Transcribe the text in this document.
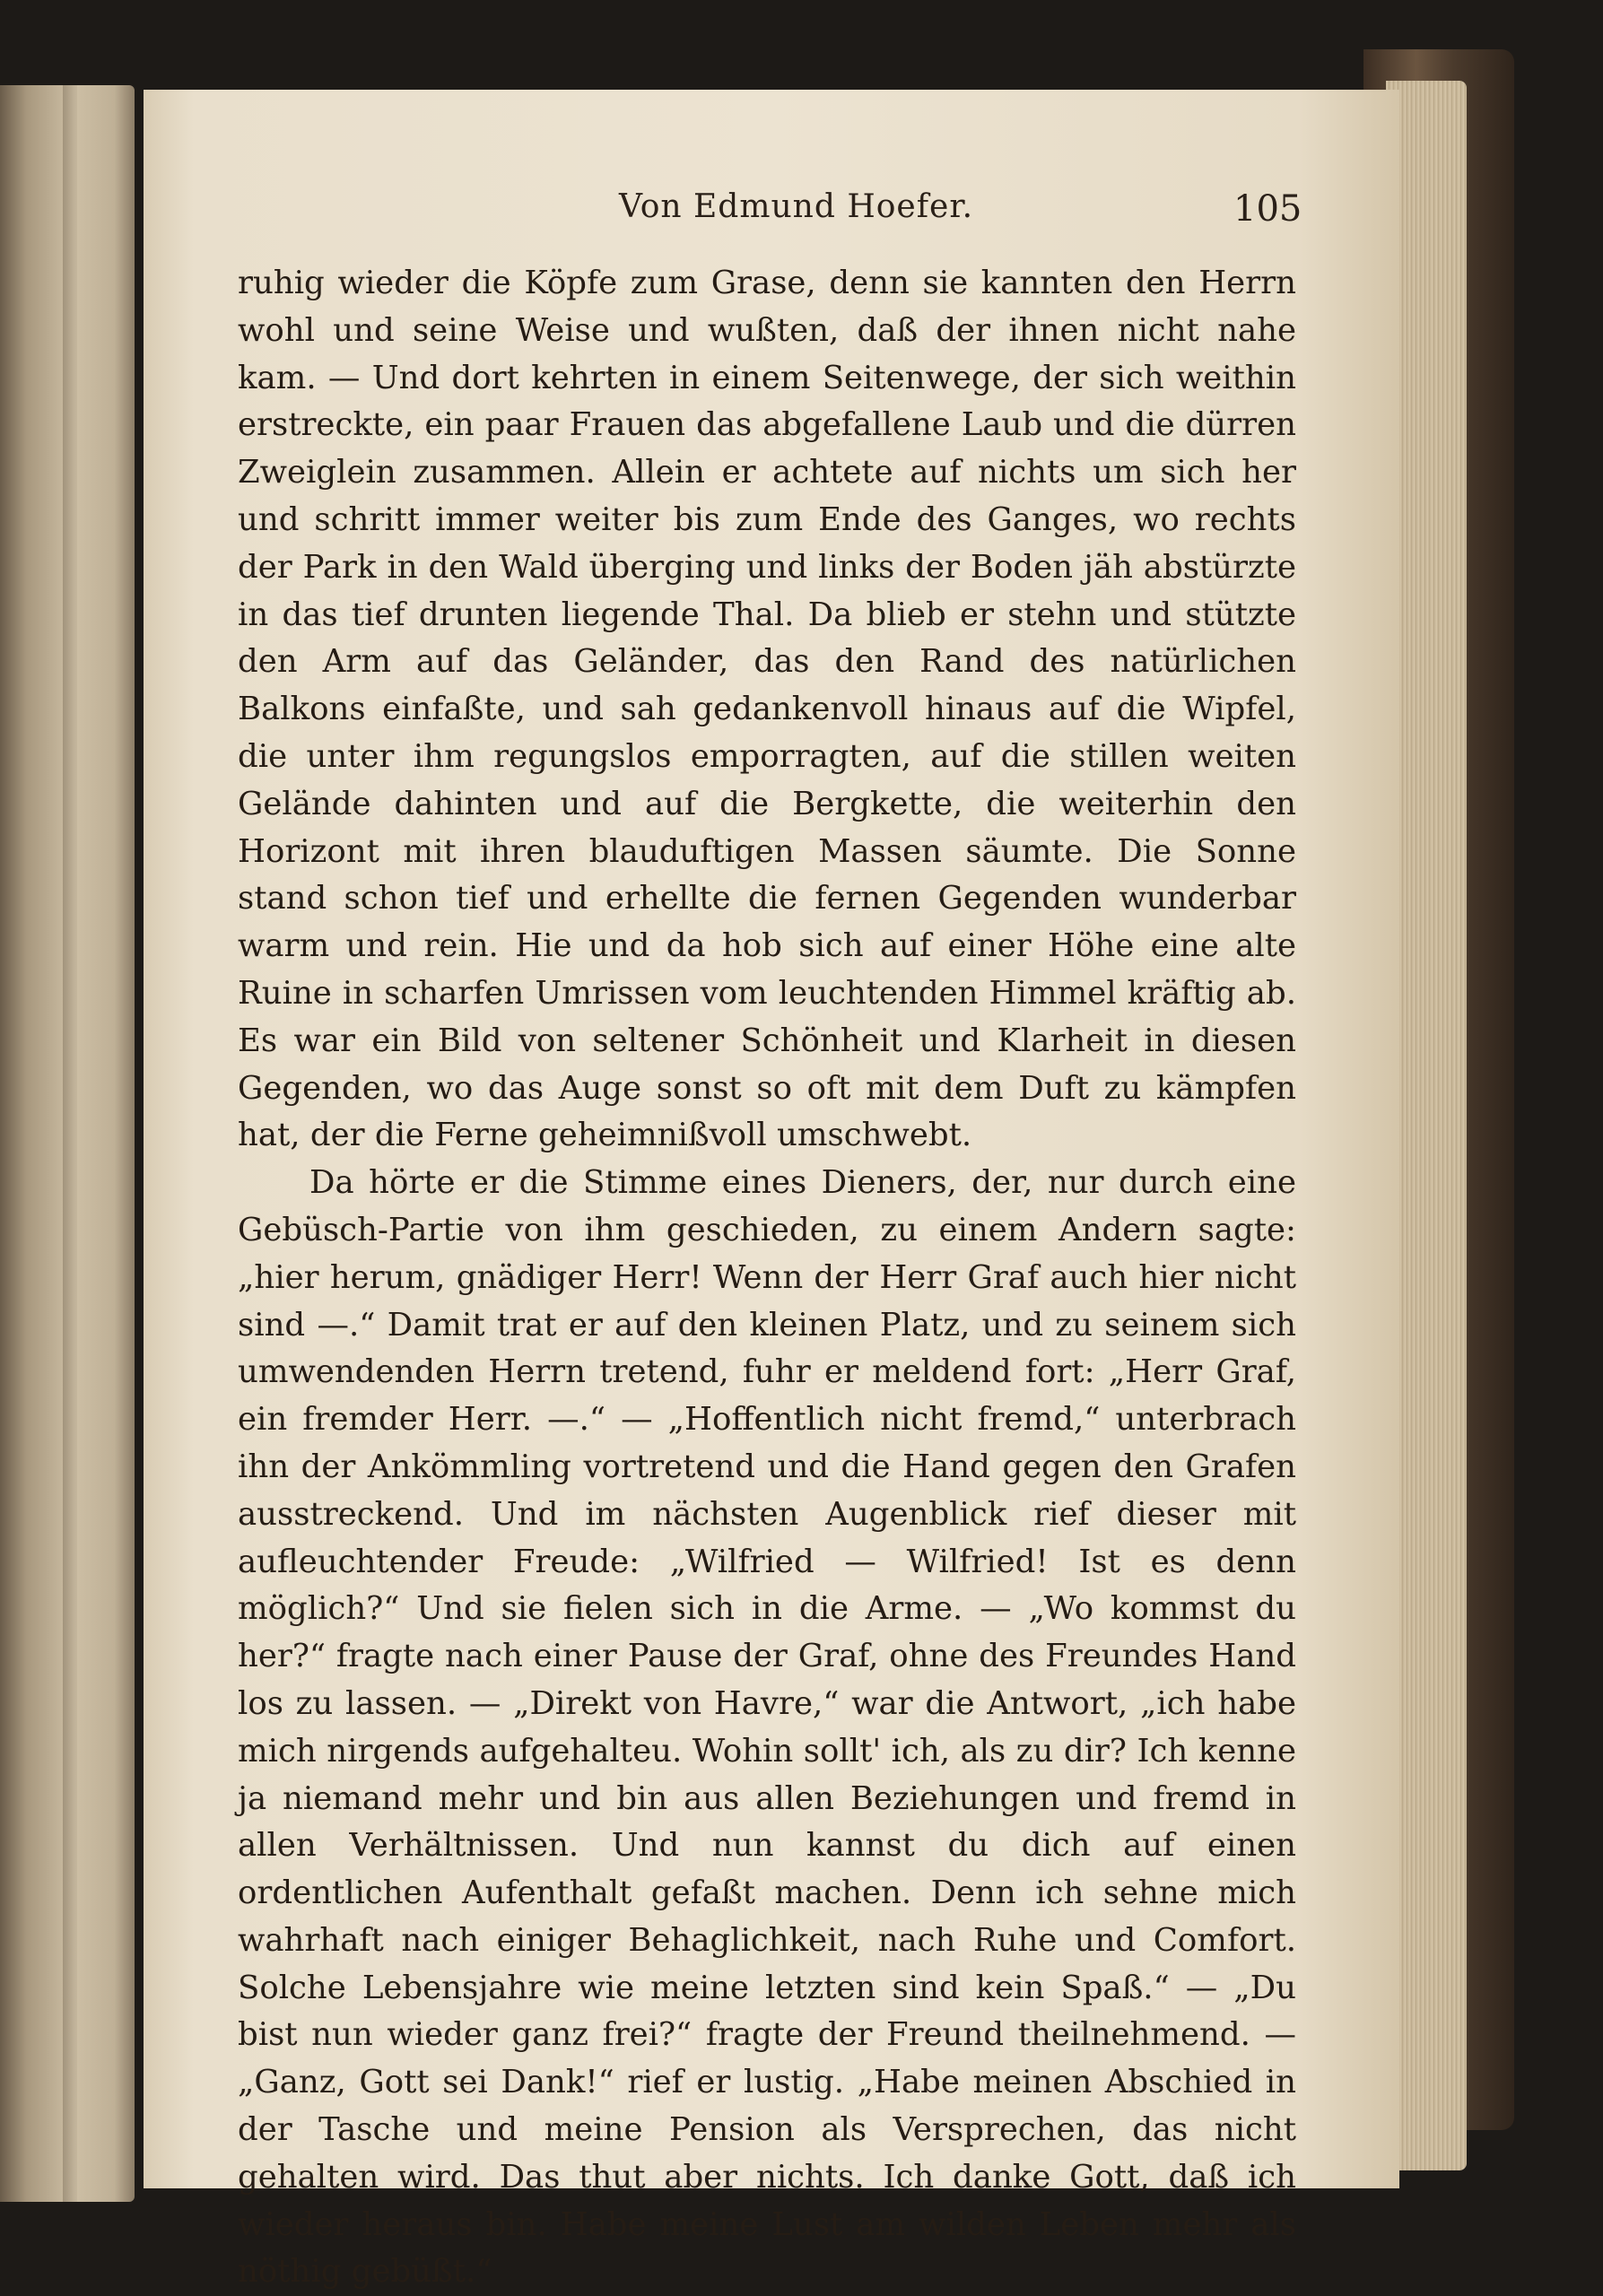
Von Edmund Hoefer.	105

ruhig wieder die Köpfe zum Grase, denn sie kannten den Herrn wohl und seine Weise und wußten, daß der ihnen nicht nahe kam. — Und dort kehrten in einem Seitenwege, der sich weithin erstreckte, ein paar Frauen das abgefallene Laub und die dürren Zweiglein zusammen. Allein er achtete auf nichts um sich her und schritt immer weiter bis zum Ende des Ganges, wo rechts der Park in den Wald überging und links der Boden jäh abstürzte in das tief drunten liegende Thal. Da blieb er stehn und stützte den Arm auf das Geländer, das den Rand des natürlichen Balkons einfaßte, und sah gedankenvoll hinaus auf die Wipfel, die unter ihm regungslos emporragten, auf die stillen weiten Gelände dahinten und auf die Bergkette, die weiterhin den Horizont mit ihren blauduftigen Massen säumte. Die Sonne stand schon tief und erhellte die fernen Gegenden wunderbar warm und rein. Hie und da hob sich auf einer Höhe eine alte Ruine in scharfen Umrissen vom leuchtenden Himmel kräftig ab. Es war ein Bild von seltener Schönheit und Klarheit in diesen Gegenden, wo das Auge sonst so oft mit dem Duft zu kämpfen hat, der die Ferne geheimnißvoll umschwebt.

Da hörte er die Stimme eines Dieners, der, nur durch eine Gebüsch-Partie von ihm geschieden, zu einem Andern sagte: „hier herum, gnädiger Herr! Wenn der Herr Graf auch hier nicht sind —.“ Damit trat er auf den kleinen Platz, und zu seinem sich umwendenden Herrn tretend, fuhr er meldend fort: „Herr Graf, ein fremder Herr. —.“ — „Hoffentlich nicht fremd,“ unterbrach ihn der Ankömmling vortretend und die Hand gegen den Grafen ausstreckend. Und im nächsten Augenblick rief dieser mit aufleuchtender Freude: „Wilfried — Wilfried! Ist es denn möglich?“ Und sie fielen sich in die Arme. — „Wo kommst du her?“ fragte nach einer Pause der Graf, ohne des Freundes Hand los zu lassen. — „Direkt von Havre,“ war die Antwort, „ich habe mich nirgends aufgehalteu. Wohin sollt' ich, als zu dir? Ich kenne ja niemand mehr und bin aus allen Beziehungen und fremd in allen Verhältnissen. Und nun kannst du dich auf einen ordentlichen Aufenthalt gefaßt machen. Denn ich sehne mich wahrhaft nach einiger Behaglichkeit, nach Ruhe und Comfort. Solche Lebensjahre wie meine letzten sind kein Spaß.“ — „Du bist nun wieder ganz frei?“ fragte der Freund theilnehmend. — „Ganz, Gott sei Dank!“ rief er lustig. „Habe meinen Abschied in der Tasche und meine Pension als Versprechen, das nicht gehalten wird. Das thut aber nichts. Ich danke Gott, daß ich wieder heraus bin. Habe meine Lust am wilden Leben mehr als nöthig gebüßt.“
